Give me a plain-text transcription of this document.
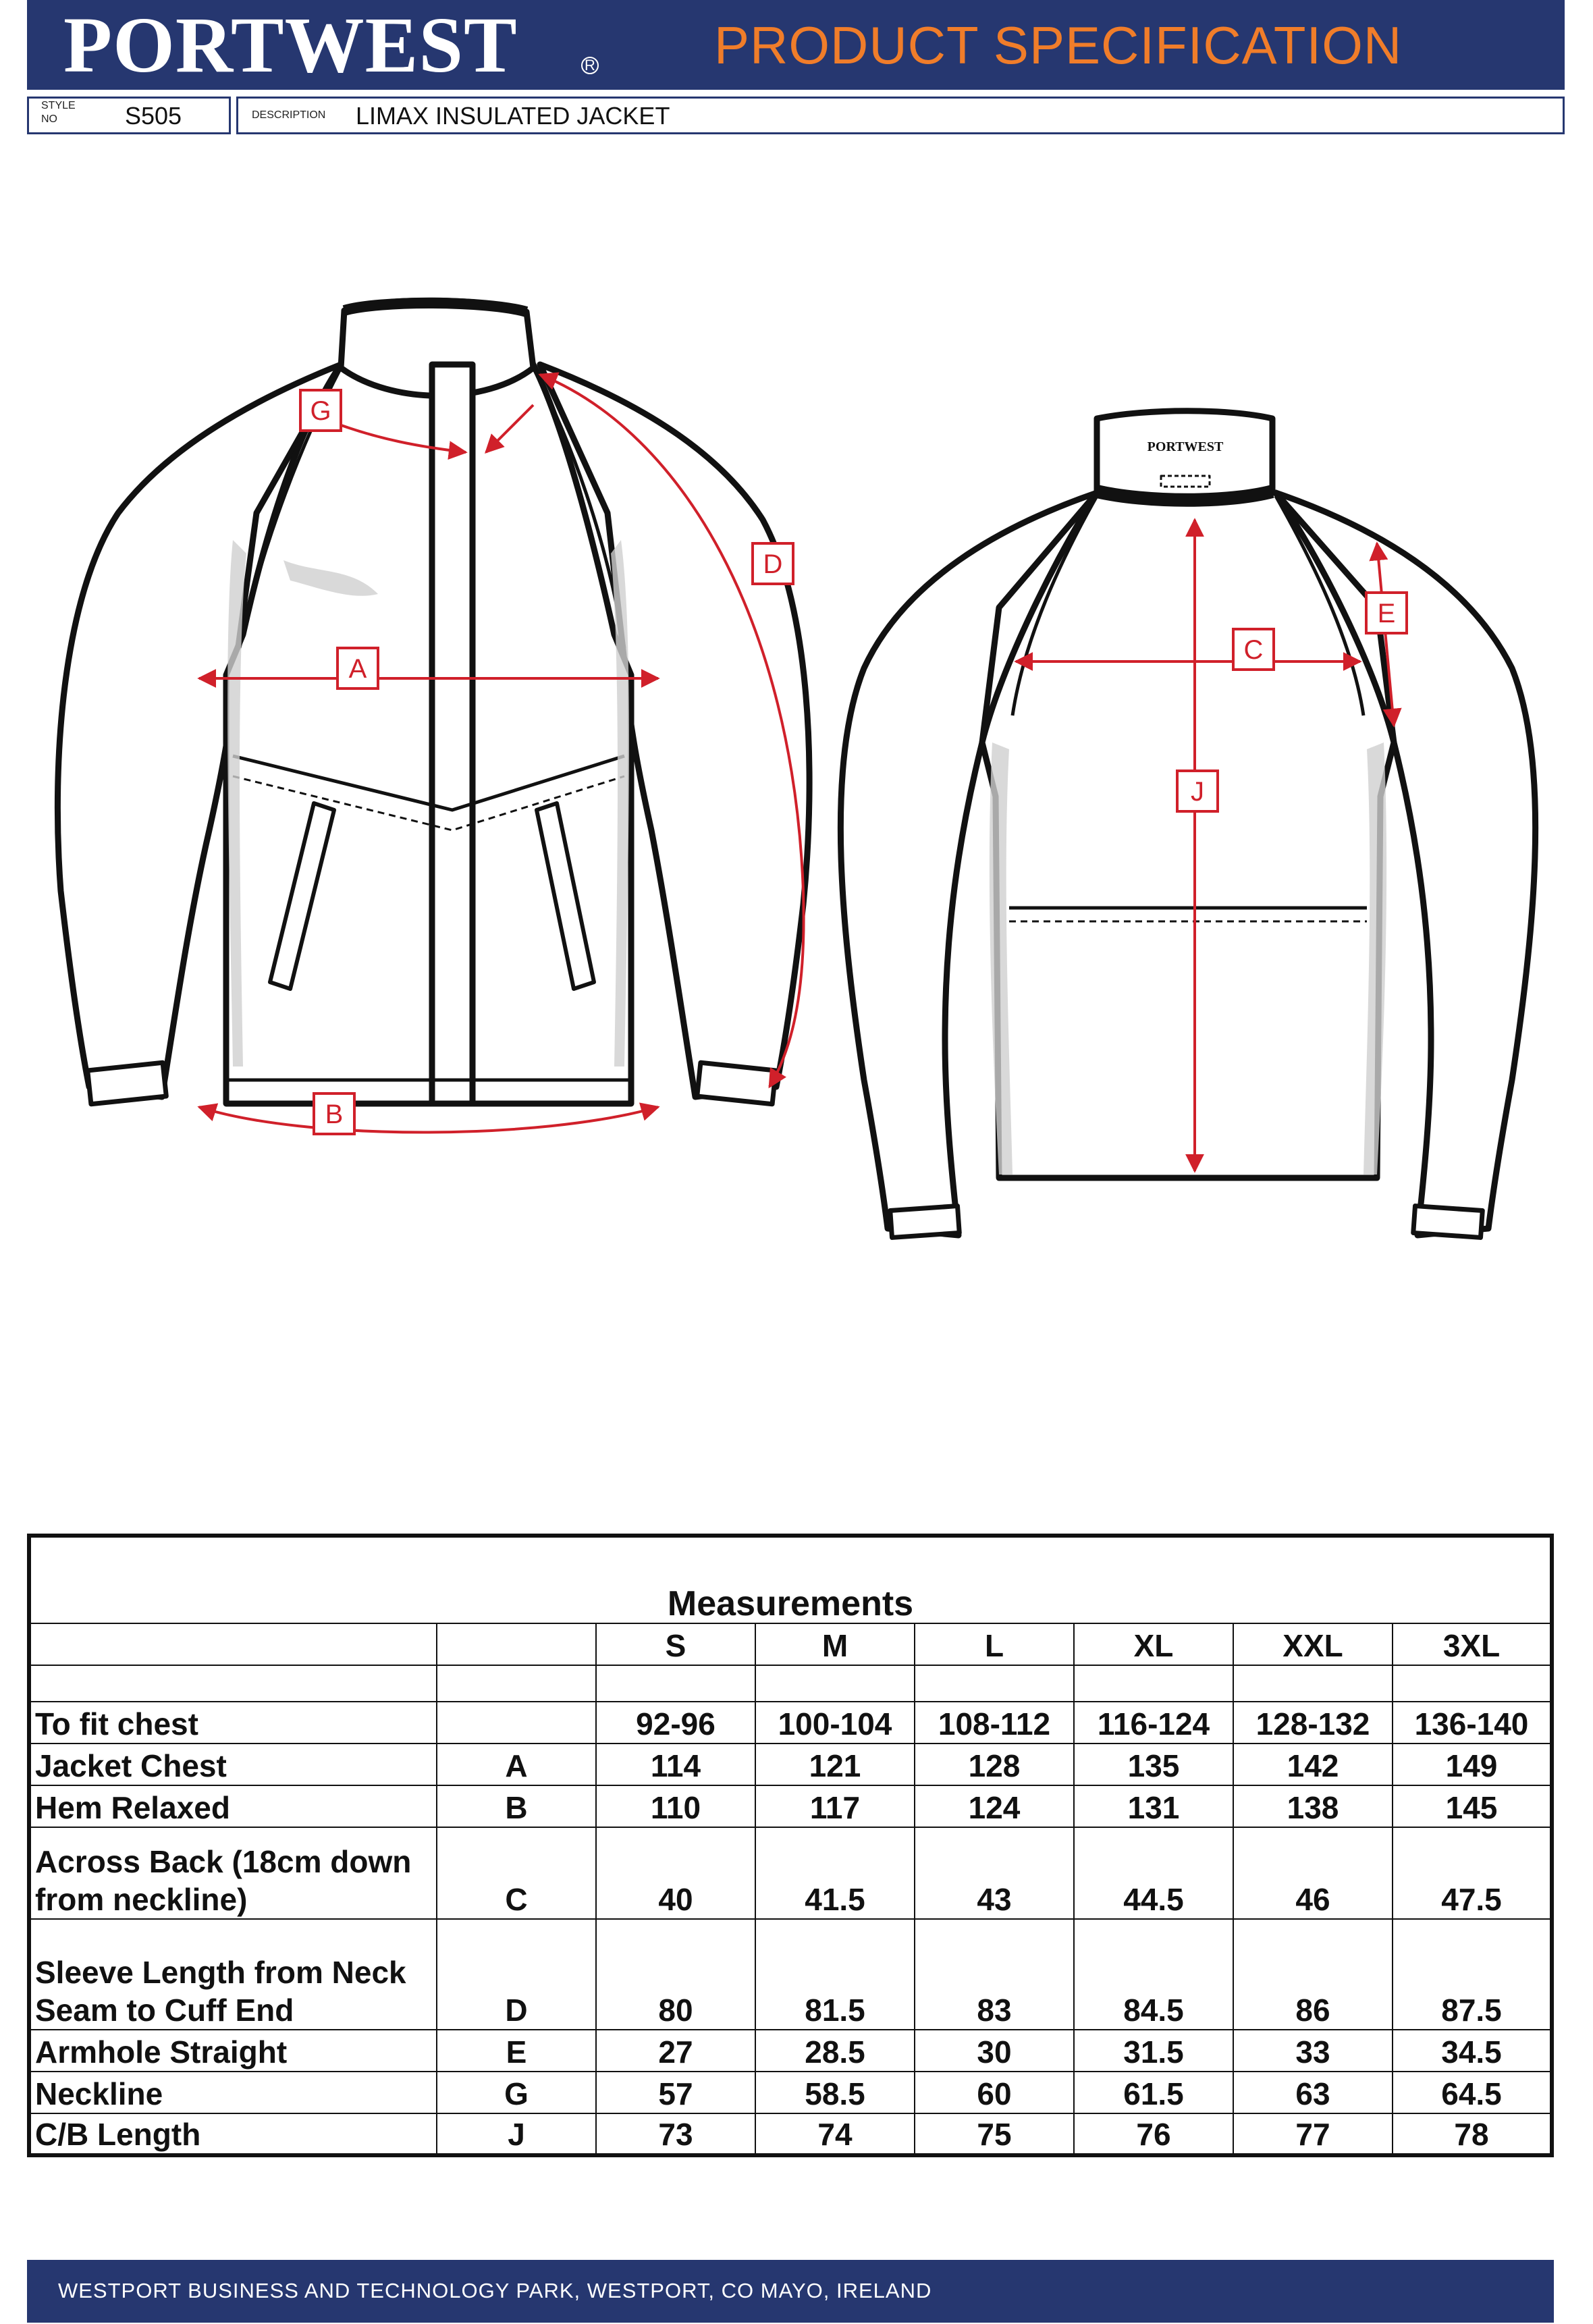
PORTWEST	R PRODUCT SPECIFICATION
STYLE
NO	S505	DESCRIPTION LIMAX INSULATED JACKET
PORTWEST
G
D
A
B
C
E
J
Measurements							
		S	M	L	XL	XXL	3XL

To fit chest		92-96	100-104	108-112	116-124	128-132	136-140
Jacket Chest	A	114	121	128	135	142	149
Hem Relaxed	B	110	117	124	131	138	145
Across Back (18cm down from neckline)	C	40	41.5	43	44.5	46	47.5
Sleeve Length from Neck Seam to Cuff End	D	80	81.5	83	84.5	86	87.5
Armhole Straight	E	27	28.5	30	31.5	33	34.5
Neckline	G	57	58.5	60	61.5	63	64.5
C/B Length	J	73	74	75	76	77	78
WESTPORT BUSINESS AND TECHNOLOGY PARK, WESTPORT, CO MAYO, IRELAND
